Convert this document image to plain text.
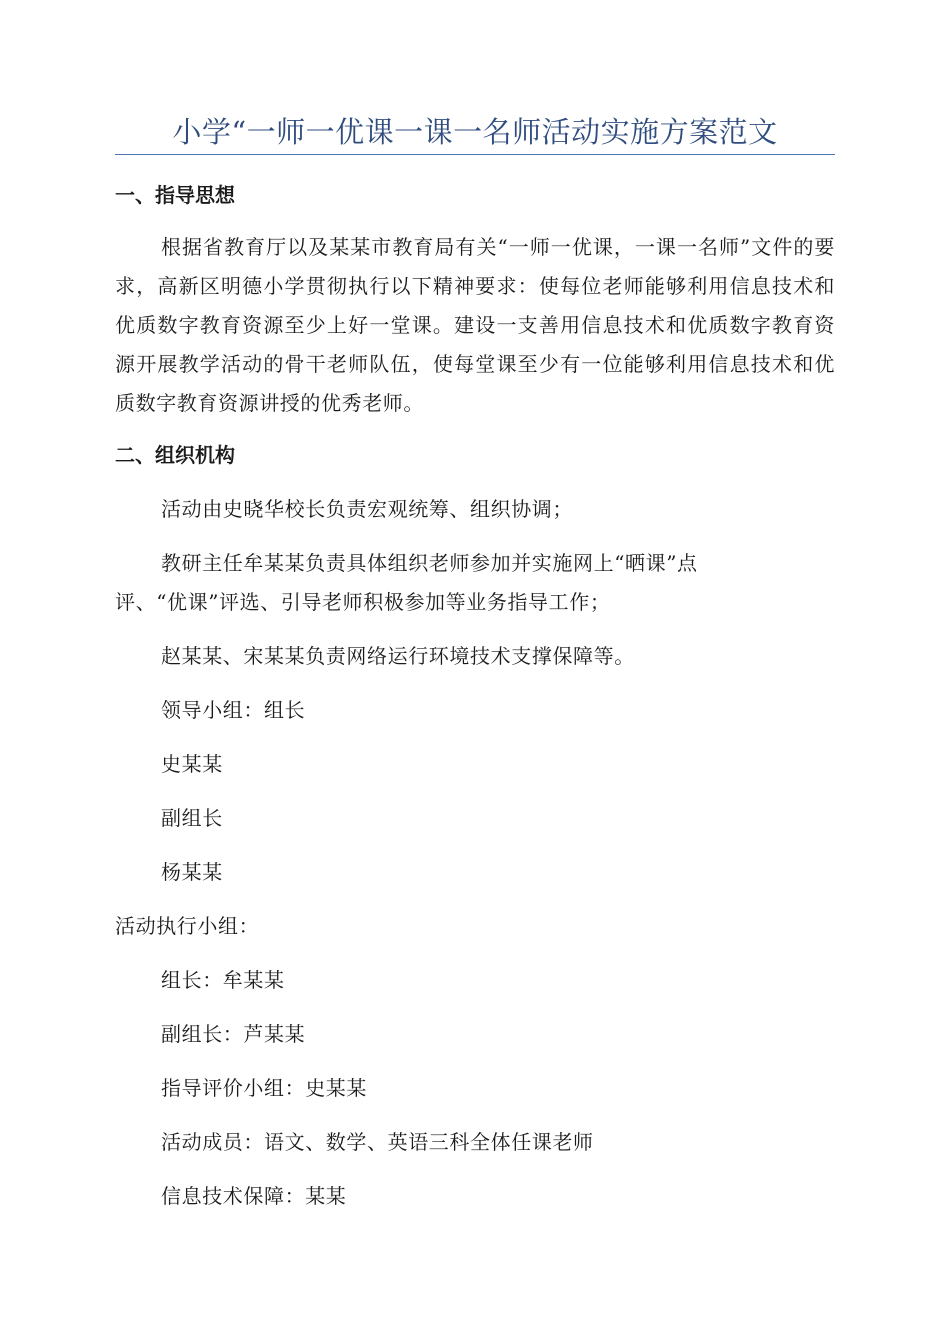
小学“一师一优课一课一名师活动实施方案范文
一、指导思想
根据省教育厅以及某某市教育局有关“一师一优课，一课一名师”文件的要求，高新区明德小学贯彻执行以下精神要求：使每位老师能够利用信息技术和优质数字教育资源至少上好一堂课。建设一支善用信息技术和优质数字教育资源开展教学活动的骨干老师队伍，使每堂课至少有一位能够利用信息技术和优质数字教育资源讲授的优秀老师。
二、组织机构
活动由史晓华校长负责宏观统筹、组织协调；
教研主任牟某某负责具体组织老师参加并实施网上“晒课”点
评、“优课”评选、引导老师积极参加等业务指导工作；
赵某某、宋某某负责网络运行环境技术支撑保障等。
领导小组：组长
史某某
副组长
杨某某
活动执行小组：
组长：牟某某
副组长：芦某某
指导评价小组：史某某
活动成员：语文、数学、英语三科全体任课老师
信息技术保障：某某
